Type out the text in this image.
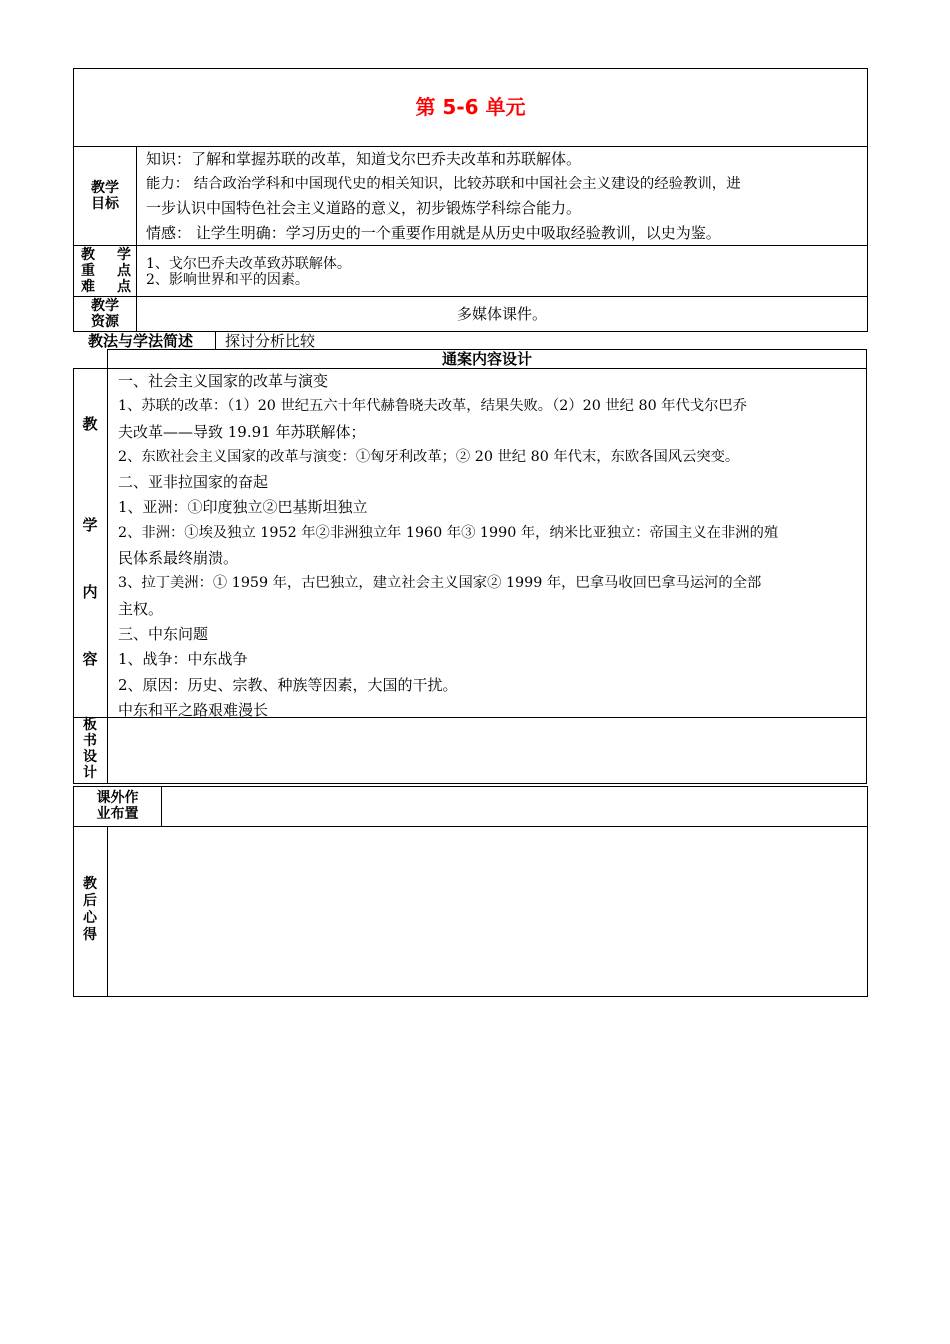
第 5-6 单元
教学
目标
知识：了解和掌握苏联的改革，知道戈尔巴乔夫改革和苏联解体。
能力： 结合政治学科和中国现代史的相关知识，比较苏联和中国社会主义建设的经验教训，进
一步认识中国特色社会主义道路的意义，初步锻炼学科综合能力。
情感： 让学生明确：学习历史的一个重要作用就是从历史中吸取经验教训，以史为鉴。
教 学
重 点
难 点
1、戈尔巴乔夫改革致苏联解体。
2、影响世界和平的因素。
教学
资源	多媒体课件。
教法与学法简述 探讨分析比较
通案内容设计
教
学
内
容
一、社会主义国家的改革与演变
1、苏联的改革：（1）20 世纪五六十年代赫鲁晓夫改革，结果失败。（2）20 世纪 80 年代戈尔巴乔
夫改革——导致 19.91 年苏联解体；
2、东欧社会主义国家的改革与演变：①匈牙利改革；② 20 世纪 80 年代末，东欧各国风云突变。
二、亚非拉国家的奋起
1、亚洲：①印度独立②巴基斯坦独立
2、非洲：①埃及独立 1952 年②非洲独立年 1960 年③ 1990 年，纳米比亚独立：帝国主义在非洲的殖
民体系最终崩溃。
3、拉丁美洲：① 1959 年，古巴独立，建立社会主义国家② 1999 年，巴拿马收回巴拿马运河的全部
主权。
三、中东问题
1、战争：中东战争
2、原因：历史、宗教、种族等因素，大国的干扰。
中东和平之路艰难漫长
板
书
设
计
课外作
业布置
教
后
心
得
